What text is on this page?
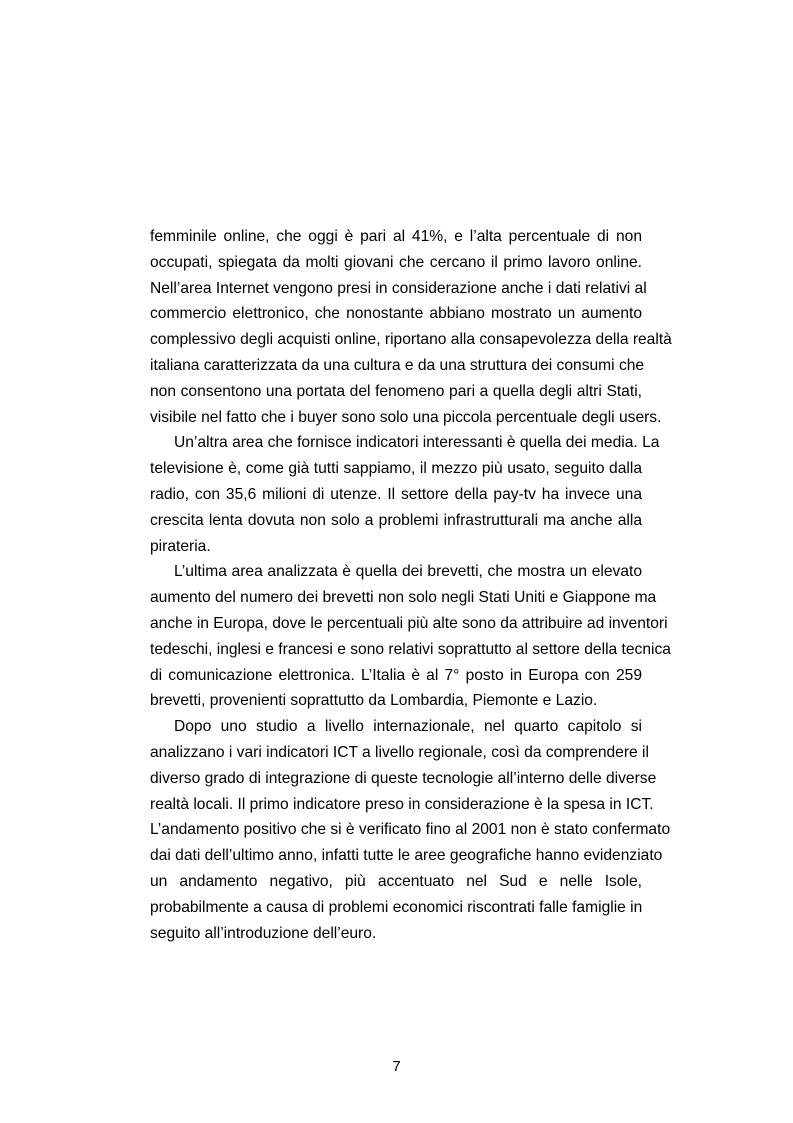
femminile online, che oggi è pari al 41%, e l’alta percentuale di non
occupati, spiegata da molti giovani che cercano il primo lavoro online.
Nell’area Internet vengono presi in considerazione anche i dati relativi al
commercio elettronico, che nonostante abbiano mostrato un aumento
complessivo degli acquisti online, riportano alla consapevolezza della realtà
italiana caratterizzata da una cultura e da una struttura dei consumi che
non consentono una portata del fenomeno pari a quella degli altri Stati,
visibile nel fatto che i buyer sono solo una piccola percentuale degli users.
Un’altra area che fornisce indicatori interessanti è quella dei media. La
televisione è, come già tutti sappiamo, il mezzo più usato, seguito dalla
radio, con 35,6 milioni di utenze. Il settore della pay-tv ha invece una
crescita lenta dovuta non solo a problemi infrastrutturali ma anche alla
pirateria.
L’ultima area analizzata è quella dei brevetti, che mostra un elevato
aumento del numero dei brevetti non solo negli Stati Uniti e Giappone ma
anche in Europa, dove le percentuali più alte sono da attribuire ad inventori
tedeschi, inglesi e francesi e sono relativi soprattutto al settore della tecnica
di comunicazione elettronica. L’Italia è al 7° posto in Europa con 259
brevetti, provenienti soprattutto da Lombardia, Piemonte e Lazio.
Dopo uno studio a livello internazionale, nel quarto capitolo si
analizzano i vari indicatori ICT a livello regionale, così da comprendere il
diverso grado di integrazione di queste tecnologie all’interno delle diverse
realtà locali. Il primo indicatore preso in considerazione è la spesa in ICT.
L’andamento positivo che si è verificato fino al 2001 non è stato confermato
dai dati dell’ultimo anno, infatti tutte le aree geografiche hanno evidenziato
un andamento negativo, più accentuato nel Sud e nelle Isole,
probabilmente a causa di problemi economici riscontrati falle famiglie in
seguito all’introduzione dell’euro.
7
